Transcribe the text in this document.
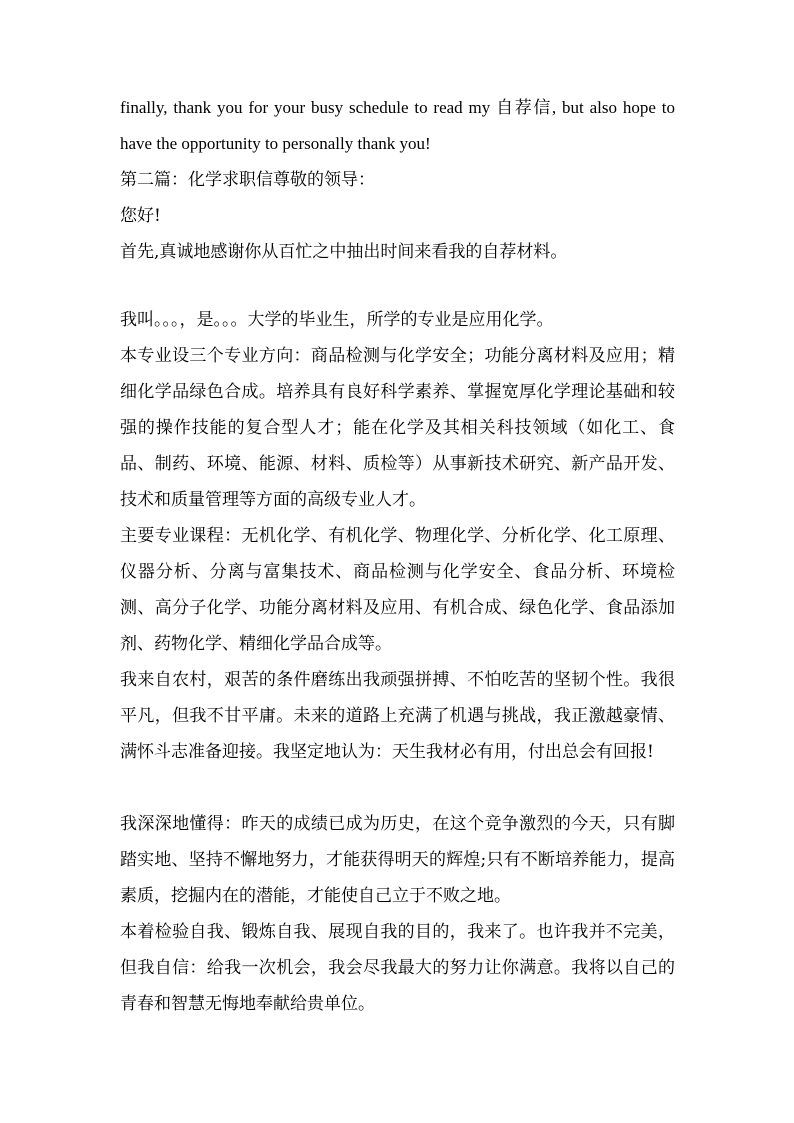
finally, thank you for your busy schedule to read my 自荐信, but also hope to have the opportunity to personally thank you!

第二篇：化学求职信尊敬的领导：

您好!

首先,真诚地感谢你从百忙之中抽出时间来看我的自荐材料。

我叫。。。，是。。。大学的毕业生，所学的专业是应用化学。

本专业设三个专业方向：商品检测与化学安全；功能分离材料及应用；精细化学品绿色合成。培养具有良好科学素养、掌握宽厚化学理论基础和较强的操作技能的复合型人才；能在化学及其相关科技领域（如化工、食品、制药、环境、能源、材料、质检等）从事新技术研究、新产品开发、技术和质量管理等方面的高级专业人才。

主要专业课程：无机化学、有机化学、物理化学、分析化学、化工原理、仪器分析、分离与富集技术、商品检测与化学安全、食品分析、环境检测、高分子化学、功能分离材料及应用、有机合成、绿色化学、食品添加剂、药物化学、精细化学品合成等。

我来自农村，艰苦的条件磨练出我顽强拼搏、不怕吃苦的坚韧个性。我很平凡，但我不甘平庸。未来的道路上充满了机遇与挑战，我正激越豪情、满怀斗志准备迎接。我坚定地认为：天生我材必有用，付出总会有回报!

我深深地懂得：昨天的成绩已成为历史，在这个竞争激烈的今天，只有脚踏实地、坚持不懈地努力，才能获得明天的辉煌;只有不断培养能力，提高素质，挖掘内在的潜能，才能使自己立于不败之地。

本着检验自我、锻炼自我、展现自我的目的，我来了。也许我并不完美，但我自信：给我一次机会，我会尽我最大的努力让你满意。我将以自己的青春和智慧无悔地奉献给贵单位。
